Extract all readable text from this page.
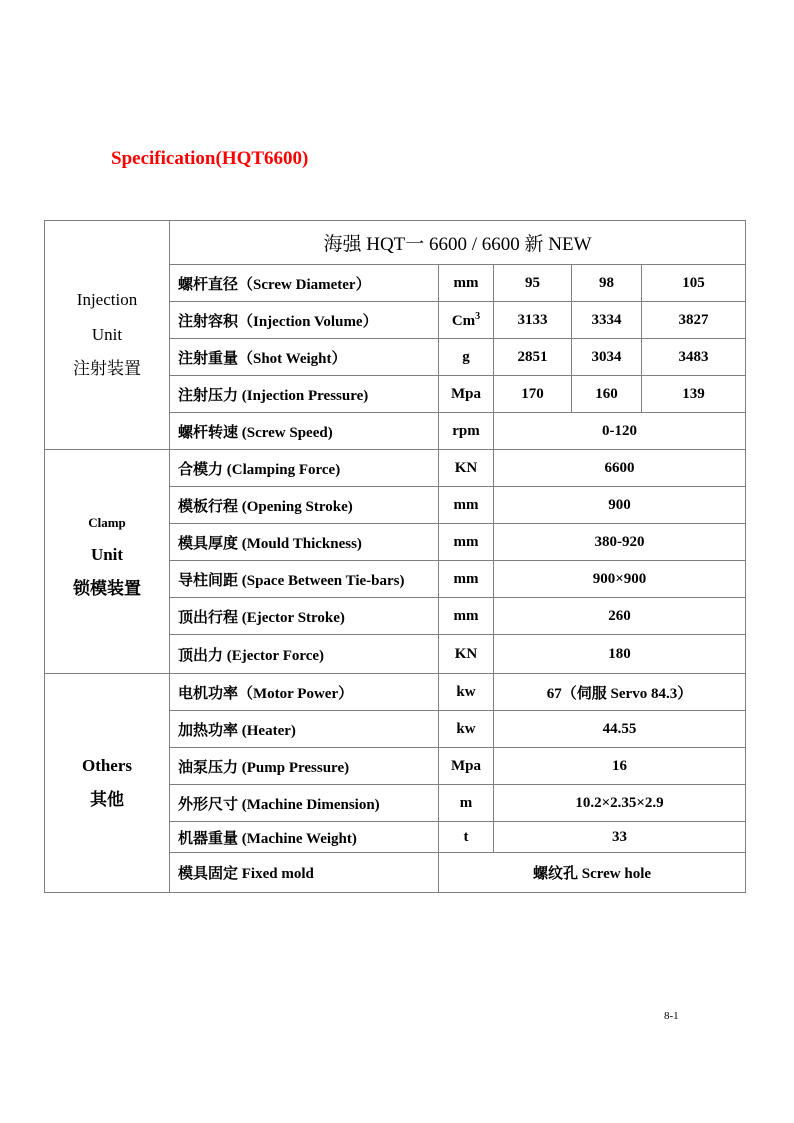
Specification(HQT6600)
Injection
Unit
注射装置	海强 HQT一 6600 / 6600 新 NEW				
	螺杆直径（Screw Diameter）	mm	95	98	105
	注射容积（Injection Volume）	Cm$^3$	3133	3334	3827
	注射重量（Shot Weight）	g	2851	3034	3483
	注射压力 (Injection Pressure)	Mpa	170	160	139
	螺杆转速 (Screw Speed)	rpm	0-120		

Clamp
Unit
锁模装置	合模力 (Clamping Force)	KN	6600		
	模板行程 (Opening Stroke)	mm	900		
	模具厚度 (Mould Thickness)	mm	380-920		
	导柱间距 (Space Between Tie-bars)	mm	900×900		
	顶出行程 (Ejector Stroke)	mm	260		
	顶出力 (Ejector Force)	KN	180		

Others
其他	电机功率（Motor Power）	kw	67（伺服 Servo 84.3）		
	加热功率 (Heater)	kw	44.55		
	油泵压力 (Pump Pressure)	Mpa	16		
	外形尺寸 (Machine Dimension)	m	10.2×2.35×2.9		
	机器重量 (Machine Weight)	t	33		
	模具固定 Fixed mold	螺纹孔 Screw hole			
8-1
